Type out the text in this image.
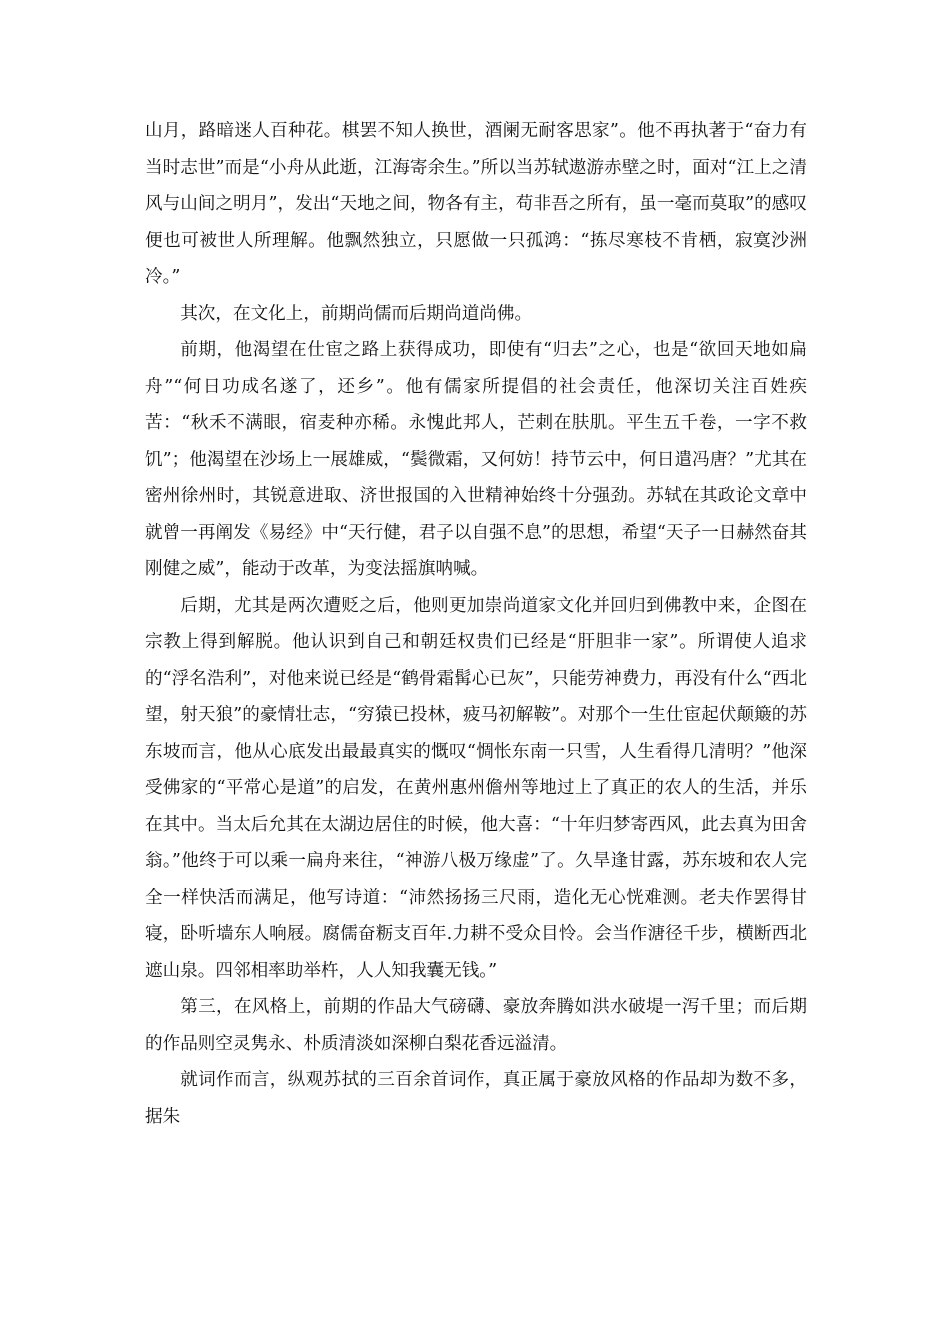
山月，路暗迷人百种花。棋罢不知人换世，酒阑无耐客思家”。他不再执著于“奋力有当时志世”而是“小舟从此逝，江海寄余生。”所以当苏轼遨游赤壁之时，面对“江上之清风与山间之明月”，发出“天地之间，物各有主，苟非吾之所有，虽一毫而莫取”的感叹便也可被世人所理解。他飘然独立，只愿做一只孤鸿：“拣尽寒枝不肯栖，寂寞沙洲冷。”

其次，在文化上，前期尚儒而后期尚道尚佛。

前期，他渴望在仕宦之路上获得成功，即使有“归去”之心，也是“欲回天地如扁舟”“何日功成名遂了，还乡”。他有儒家所提倡的社会责任，他深切关注百姓疾苦：“秋禾不满眼，宿麦种亦稀。永愧此邦人，芒刺在肤肌。平生五千卷，一字不救饥”；他渴望在沙场上一展雄威，“鬓微霜，又何妨！持节云中，何日遣冯唐？”尤其在密州徐州时，其锐意进取、济世报国的入世精神始终十分强劲。苏轼在其政论文章中就曾一再阐发《易经》中“天行健，君子以自强不息”的思想，希望“天子一日赫然奋其刚健之威”，能动于改革，为变法摇旗呐喊。

后期，尤其是两次遭贬之后，他则更加崇尚道家文化并回归到佛教中来，企图在宗教上得到解脱。他认识到自己和朝廷权贵们已经是“肝胆非一家”。所谓使人追求的“浮名浩利”，对他来说已经是“鹤骨霜髯心已灰”，只能劳神费力，再没有什么“西北望，射天狼”的豪情壮志，“穷猿已投林，疲马初解鞍”。对那个一生仕宦起伏颠簸的苏东坡而言，他从心底发出最最真实的慨叹“惆怅东南一只雪，人生看得几清明？”他深受佛家的“平常心是道”的启发，在黄州惠州儋州等地过上了真正的农人的生活，并乐在其中。当太后允其在太湖边居住的时候，他大喜：“十年归梦寄西风，此去真为田舍翁。”他终于可以乘一扁舟来往，“神游八极万缘虚”了。久旱逢甘露，苏东坡和农人完全一样快活而满足，他写诗道：“沛然扬扬三尺雨，造化无心恍难测。老夫作罢得甘寝，卧听墙东人响屐。腐儒奋粝支百年.力耕不受众目怜。会当作溏径千步，横断西北遮山泉。四邻相率助举杵，人人知我囊无钱。”

第三，在风格上，前期的作品大气磅礴、豪放奔腾如洪水破堤一泻千里；而后期的作品则空灵隽永、朴质清淡如深柳白梨花香远溢清。

就词作而言，纵观苏拭的三百余首词作，真正属于豪放风格的作品却为数不多，据朱
